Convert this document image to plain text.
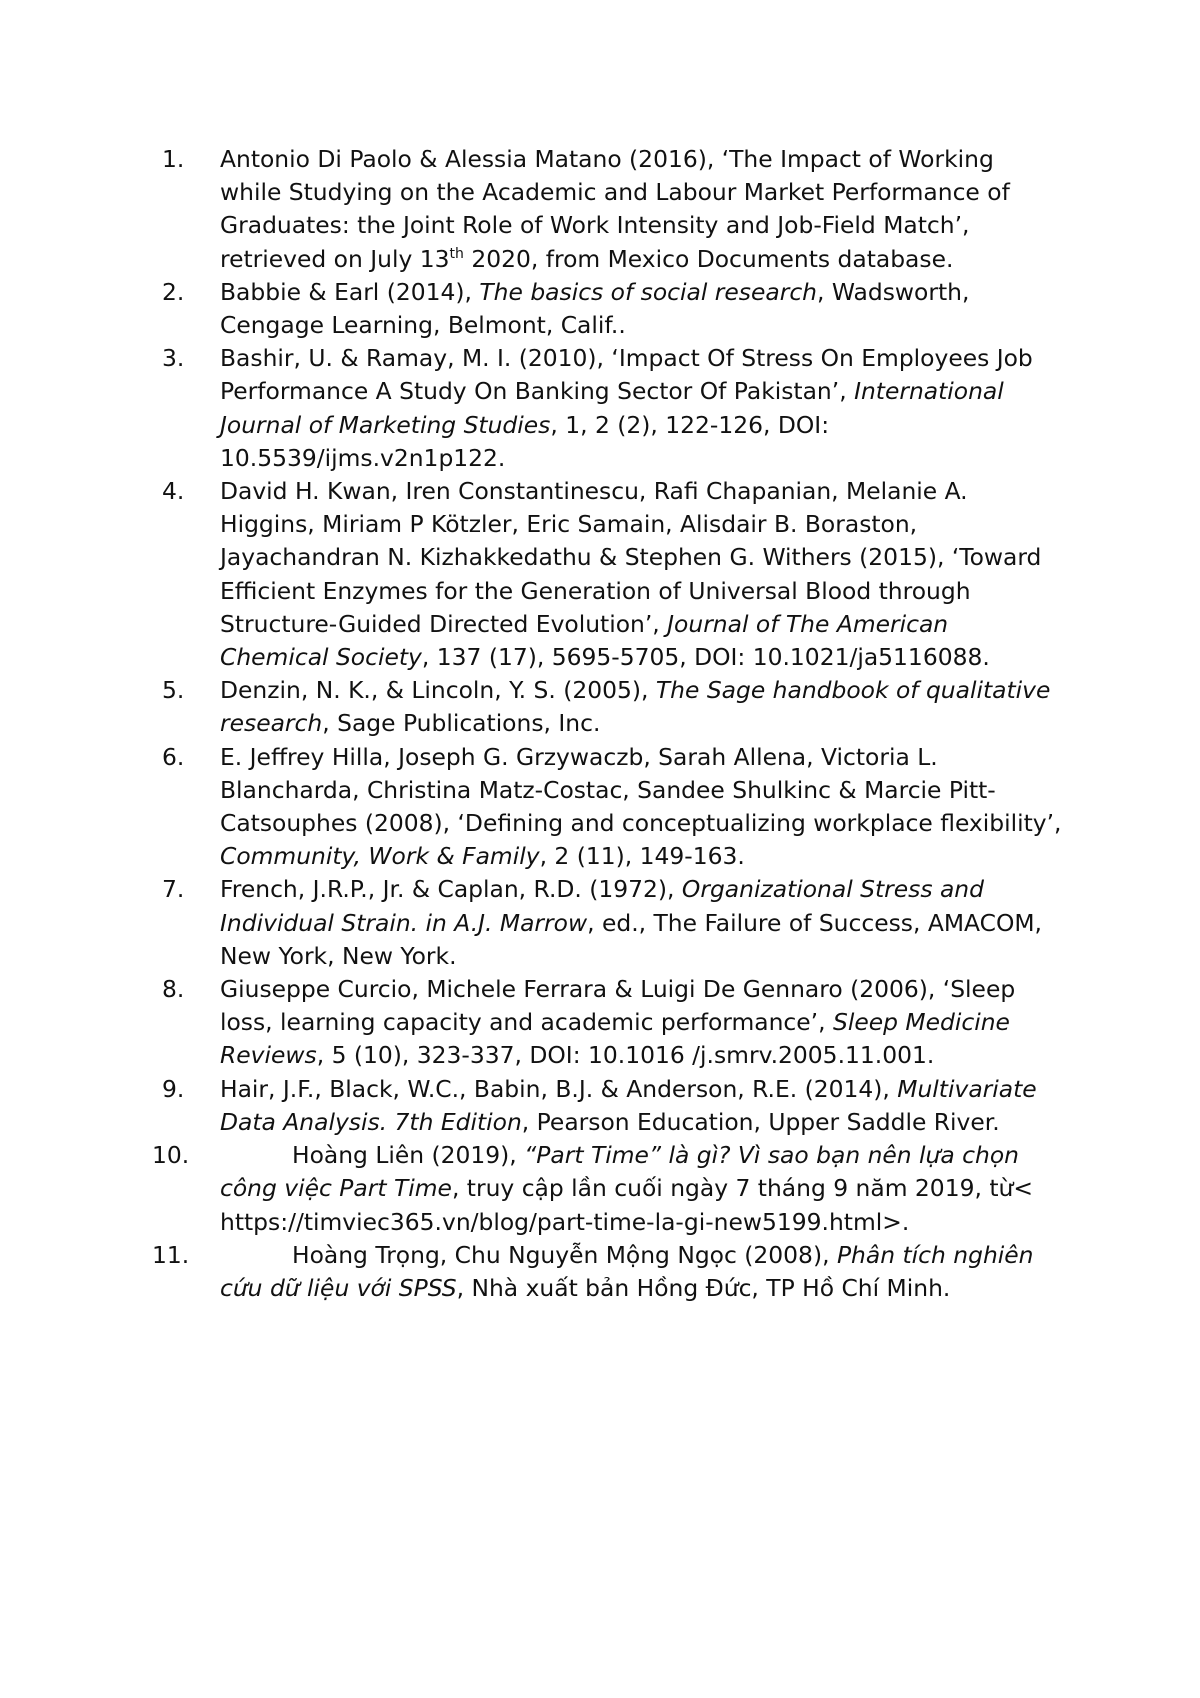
1. Antonio Di Paolo & Alessia Matano (2016), ‘The Impact of Working while Studying on the Academic and Labour Market Performance of Graduates: the Joint Role of Work Intensity and Job-Field Match’, retrieved on July 13th 2020, from Mexico Documents database.
2. Babbie & Earl (2014), The basics of social research, Wadsworth, Cengage Learning, Belmont, Calif..
3. Bashir, U. & Ramay, M. I. (2010), ‘Impact Of Stress On Employees Job Performance A Study On Banking Sector Of Pakistan’, International Journal of Marketing Studies, 1, 2 (2), 122-126, DOI: 10.5539/ijms.v2n1p122.
4. David H. Kwan, Iren Constantinescu, Rafi Chapanian, Melanie A. Higgins, Miriam P Kötzler, Eric Samain, Alisdair B. Boraston, Jayachandran N. Kizhakkedathu & Stephen G. Withers (2015), ‘Toward Efficient Enzymes for the Generation of Universal Blood through Structure-Guided Directed Evolution’, Journal of The American Chemical Society, 137 (17), 5695-5705, DOI: 10.1021/ja5116088.
5. Denzin, N. K., & Lincoln, Y. S. (2005), The Sage handbook of qualitative research, Sage Publications, Inc.
6. E. Jeffrey Hilla, Joseph G. Grzywaczb, Sarah Allena, Victoria L. Blancharda, Christina Matz-Costac, Sandee Shulkinc & Marcie Pitt-Catsouphes (2008), ‘Defining and conceptualizing workplace flexibility’, Community, Work & Family, 2 (11), 149-163.
7. French, J.R.P., Jr. & Caplan, R.D. (1972), Organizational Stress and Individual Strain. in A.J. Marrow, ed., The Failure of Success, AMACOM, New York, New York.
8. Giuseppe Curcio, Michele Ferrara & Luigi De Gennaro (2006), ‘Sleep loss, learning capacity and academic performance’, Sleep Medicine Reviews, 5 (10), 323-337, DOI: 10.1016 /j.smrv.2005.11.001.
9. Hair, J.F., Black, W.C., Babin, B.J. & Anderson, R.E. (2014), Multivariate Data Analysis. 7th Edition, Pearson Education, Upper Saddle River.
10.	Hoàng Liên (2019), “Part Time” là gì? Vì sao bạn nên lựa chọn công việc Part Time, truy cập lần cuối ngày 7 tháng 9 năm 2019, từ< https://timviec365.vn/blog/part-time-la-gi-new5199.html>.
11.	Hoàng Trọng, Chu Nguyễn Mộng Ngọc (2008), Phân tích nghiên cứu dữ liệu với SPSS, Nhà xuất bản Hồng Đức, TP Hồ Chí Minh.
